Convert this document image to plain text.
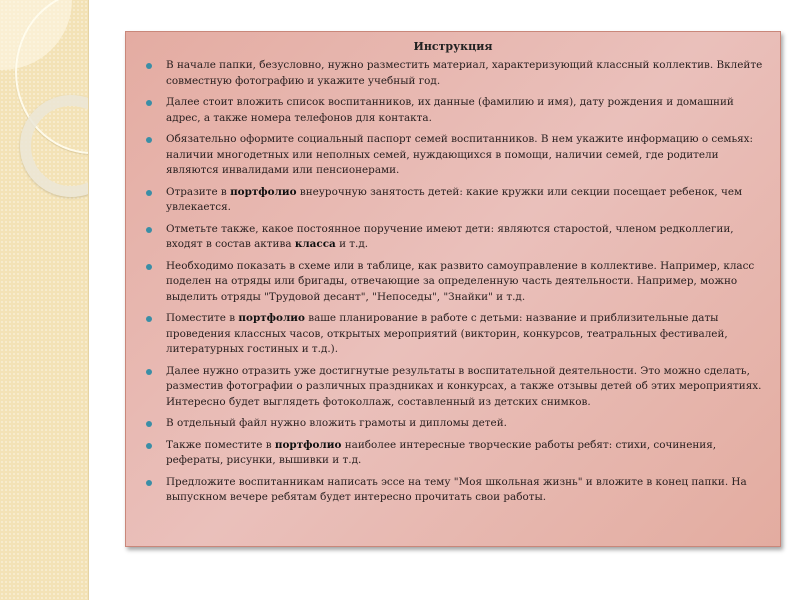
Инструкция
В начале папки, безусловно, нужно разместить материал, характеризующий классный коллектив. Вклейте совместную фотографию и укажите учебный год.
Далее стоит вложить список воспитанников, их данные (фамилию и имя), дату рождения и домашний адрес, а также номера телефонов для контакта.
Обязательно оформите социальный паспорт семей воспитанников. В нем укажите информацию о семьях: наличии многодетных или неполных семей, нуждающихся в помощи, наличии семей, где родители являются инвалидами или пенсионерами.
Отразите в портфолио внеурочную занятость детей: какие кружки или секции посещает ребенок, чем увлекается.
Отметьте также, какое постоянное поручение имеют дети: являются старостой, членом редколлегии, входят в состав актива класса и т.д.
Необходимо показать в схеме или в таблице, как развито самоуправление в коллективе. Например, класс поделен на отряды или бригады, отвечающие за определенную часть деятельности. Например, можно выделить отряды "Трудовой десант", "Непоседы", "Знайки" и т.д.
Поместите в портфолио ваше планирование в работе с детьми: название и приблизительные даты проведения классных часов, открытых мероприятий (викторин, конкурсов, театральных фестивалей, литературных гостиных и т.д.).
Далее нужно отразить уже достигнутые результаты в воспитательной деятельности. Это можно сделать, разместив фотографии о различных праздниках и конкурсах, а также отзывы детей об этих мероприятиях. Интересно будет выглядеть фотоколлаж, составленный из детских снимков.
В отдельный файл нужно вложить грамоты и дипломы детей.
Также поместите в портфолио наиболее интересные творческие работы ребят: стихи, сочинения, рефераты, рисунки, вышивки и т.д.
Предложите воспитанникам написать эссе на тему "Моя школьная жизнь" и вложите в конец папки. На выпускном вечере ребятам будет интересно прочитать свои работы.
